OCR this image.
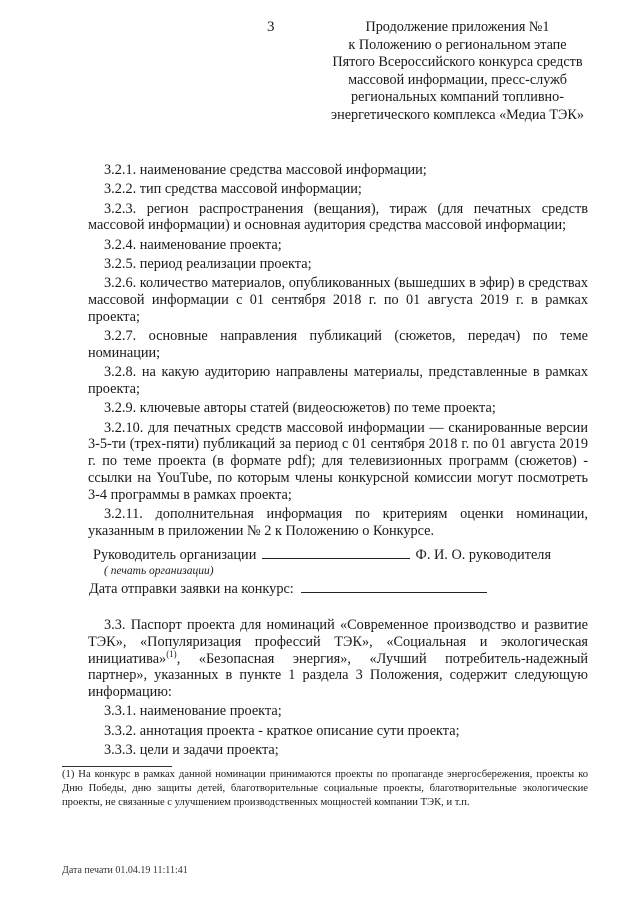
3	Продолжение приложения №1
к Положению о региональном этапе
Пятого Всероссийского конкурса средств
массовой информации, пресс-служб
региональных компаний топливно-
энергетического комплекса «Медиа ТЭК»

3.2.1. наименование средства массовой информации;

3.2.2. тип средства массовой информации;

3.2.3. регион распространения (вещания), тираж (для печатных средств массовой информации) и основная аудитория средства массовой информации;

3.2.4. наименование проекта;

3.2.5. период реализации проекта;

3.2.6. количество материалов, опубликованных (вышедших в эфир) в средствах массовой информации с 01 сентября 2018 г. по 01 августа 2019 г. в рамках проекта;

3.2.7. основные направления публикаций (сюжетов, передач) по теме номинации;

3.2.8. на какую аудиторию направлены материалы, представленные в рамках проекта;

3.2.9. ключевые авторы статей (видеосюжетов) по теме проекта;

3.2.10. для печатных средств массовой информации — сканированные версии 3-5-ти (трех-пяти) публикаций за период с 01 сентября 2018 г. по 01 августа 2019 г. по теме проекта (в формате pdf); для телевизионных программ (сюжетов) - ссылки на YouTube, по которым члены конкурсной комиссии могут посмотреть 3-4 программы в рамках проекта;

3.2.11. дополнительная информация по критериям оценки номинации, указанным в приложении № 2 к Положению о Конкурсе.

Руководитель организации	Ф. И. О. руководителя
( печать организации)
Дата отправки заявки на конкурс:

3.3. Паспорт проекта для номинаций «Современное производство и развитие ТЭК», «Популяризация профессий ТЭК», «Социальная и экологическая инициатива»$^{(1)}$, «Безопасная энергия», «Лучший потребитель-надежный партнер», указанных в пункте 1 раздела 3 Положения, содержит следующую информацию:

3.3.1. наименование проекта;

3.3.2. аннотация проекта - краткое описание сути проекта;

3.3.3. цели и задачи проекта;

(1) На конкурс в рамках данной номинации принимаются проекты по пропаганде энергосбережения, проекты ко Дню Победы, дню защиты детей, благотворительные социальные проекты, благотворительные экологические проекты, не связанные с улучшением производственных мощностей компании ТЭК, и т.п.
Дата печати 01.04.19 11:11:41
